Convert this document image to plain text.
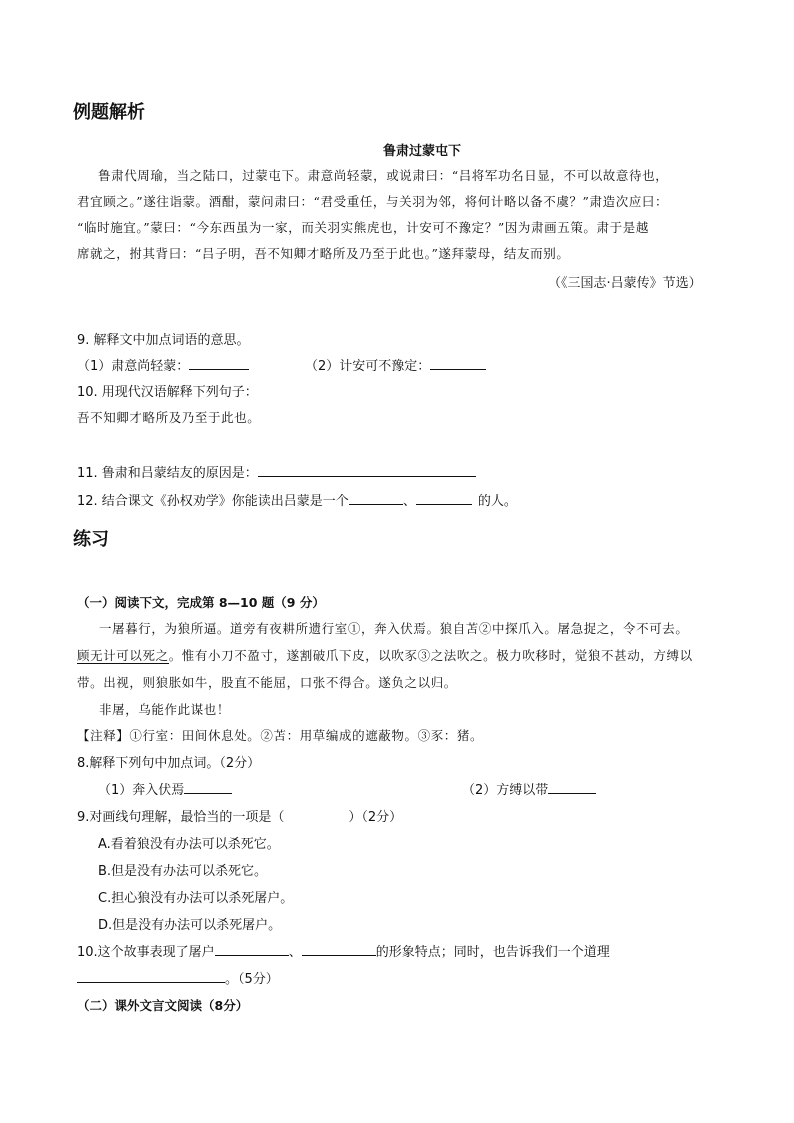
例题解析
鲁肃过蒙屯下
鲁肃代周瑜，当之陆口，过蒙屯下。肃意尚轻蒙，或说肃曰：“吕将军功名日显，不可以故意待也，
君宜顾之。”遂往诣蒙。酒酣，蒙问肃曰：“君受重任，与关羽为邻，将何计略以备不虞？”肃造次应曰：
“临时施宜。”蒙曰：“今东西虽为一家，而关羽实熊虎也，计安可不豫定？”因为肃画五策。肃于是越
席就之，拊其背曰：“吕子明，吾不知卿才略所及乃至于此也。”遂拜蒙母，结友而别。
（《三国志·吕蒙传》节选）
9. 解释文中加点词语的意思。
（1）肃意尚轻蒙：	（2）计安可不豫定：
10. 用现代汉语解释下列句子：
吾不知卿才略所及乃至于此也。
11. 鲁肃和吕蒙结友的原因是：
12. 结合课文《孙权劝学》你能读出吕蒙是一个	、	的人。
练习
（一）阅读下文，完成第 8—10 题（9 分）
一屠暮行，为狼所逼。道旁有夜耕所遗行室①，奔入伏焉。狼自苫②中探爪入。屠急捉之，令不可去。
顾无计可以死之。惟有小刀不盈寸，遂割破爪下皮，以吹豕③之法吹之。极力吹移时，觉狼不甚动，方缚以
带。出视，则狼胀如牛，股直不能屈，口张不得合。遂负之以归。
非屠，乌能作此谋也！
【注释】①行室：田间休息处。②苫：用草编成的遮蔽物。③豕：猪。
8.解释下列句中加点词。（2分）
（1）奔入伏焉	（2）方缚以带
9.对画线句理解，最恰当的一项是（	）（2分）
A.看着狼没有办法可以杀死它。
B.但是没有办法可以杀死它。
C.担心狼没有办法可以杀死屠户。
D.但是没有办法可以杀死屠户。
10.这个故事表现了屠户	、	的形象特点；同时，也告诉我们一个道理
。（5分）
（二）课外文言文阅读（8分）
